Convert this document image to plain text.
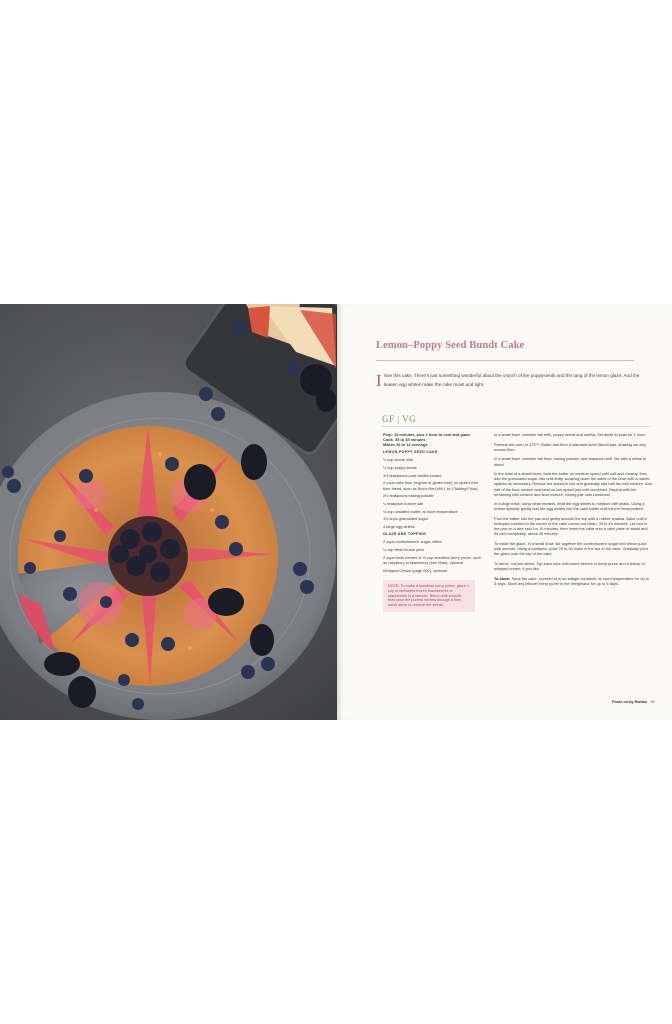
Lemon–Poppy Seed Bundt Cake
I love this cake. There's just something wonderful about the crunch of the poppyseeds and the tang of the lemon glaze. And the beaten egg whites make the cake moist and light.
GF | VG
Prep: 15 minutes, plus 1 hour to cool and glaze
Cook: 35 to 45 minutes
Makes 10 to 12 servings
LEMON-POPPY SEED CAKE
¾ cup whole milk
¼ cup poppy seeds
1½ teaspoons pure vanilla extract
2 cups cake flour (regular or gluten-free) (or gluten-free flour blend, such as Bob's Red Mill 1 to 1 Baking Flour)
2½ teaspoons baking powder
¼ teaspoon kosher salt
¾ cup unsalted butter, at room temperature
1½ cups granulated sugar
4 large egg whites
GLAZE AND TOPPING
2 cups confectioners' sugar, sifted
¼ cup fresh lemon juice
2 cups fresh berries or ½ cup seedless berry puree, such as raspberry or blackberry (see Note), optional
Whipped Cream (page 000), optional
NOTE: To make a seedless berry puree, place 1 cup of defrosted frozen blackberries or raspberries in a blender. Blend until smooth, then pour the pureed berries through a fine-mesh sieve to remove the seeds.

In a small bowl, combine the milk, poppy seeds and vanilla. Set aside to soak for 1 hour.

Preheat the oven to 375°F. Butter and flour a standard sized Bundt pan, shaking out any excess flour.

In a small bowl, combine the flour, baking powder, and teaspoon salt. Stir with a whisk to blend.

In the bowl of a stand mixer, beat the butter on medium speed until soft and creamy, then add the granulated sugar. Mix until fluffy, scraping down the sides of the bowl with a rubber spatula as necessary. Reduce the speed to low and gradually add half the milk mixture. Add half of the flour mixture and beat on low speed just until combined. Repeat with the remaining milk mixture and flour mixture, mixing just until combined.

In a large bowl, using clean beaters, beat the egg whites to medium-stiff peaks. Using a rubber spatula, gently fold the egg whites into the cake batter until they're incorporated.

Pour the batter into the pan and gently smooth the top with a rubber spatula. Bake until a toothpick inserted in the center of the cake comes out clean, 35 to 45 minutes. Let cool in the pan on a wire rack for 10 minutes, then invert the cake onto a cake plate or stand and let cool completely, about 45 minutes.

To make the glaze, in a small bowl, stir together the confectioners' sugar and lemon juice until smooth. Using a toothpick, poke 20 to 30 holes in the top of the cake. Gradually pour the glaze over the top of the cake.

To serve, cut into slices. Top each slice with some berries or berry puree and a dollop of whipped cream, if you like.

To store: Store the cake, covered or in an airtight container, at room temperature for up to 3 days. Store any leftover berry puree in the refrigerator for up to 5 days.

Pools on by Radius 99
